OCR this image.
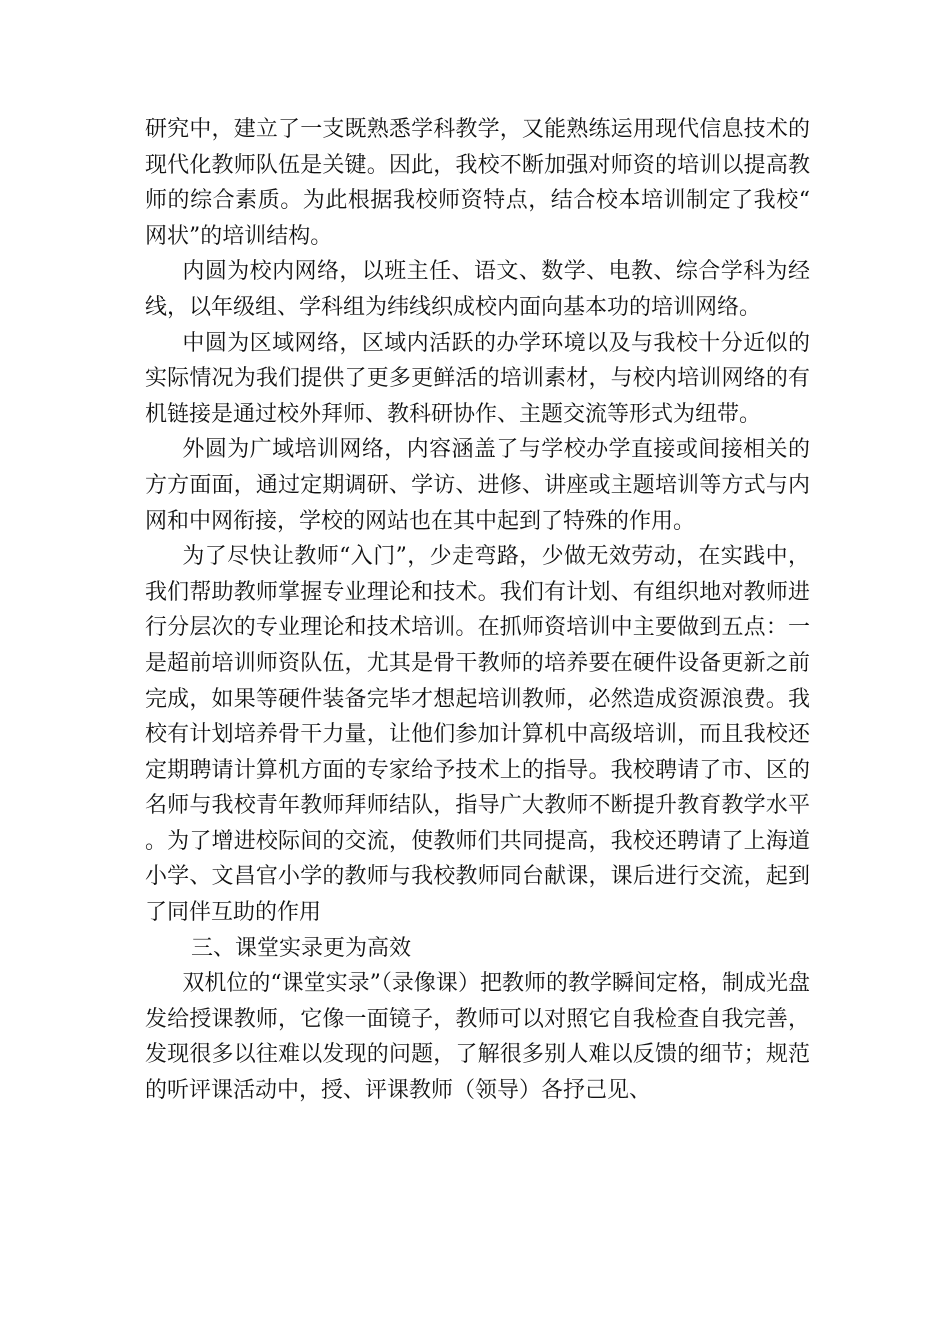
研究中，建立了一支既熟悉学科教学，又能熟练运用现代信息技术的现代化教师队伍是关键。因此，我校不断加强对师资的培训以提高教师的综合素质。为此根据我校师资特点，结合校本培训制定了我校“网状”的培训结构。

内圆为校内网络，以班主任、语文、数学、电教、综合学科为经线，以年级组、学科组为纬线织成校内面向基本功的培训网络。

中圆为区域网络，区域内活跃的办学环境以及与我校十分近似的实际情况为我们提供了更多更鲜活的培训素材，与校内培训网络的有机链接是通过校外拜师、教科研协作、主题交流等形式为纽带。

外圆为广域培训网络，内容涵盖了与学校办学直接或间接相关的方方面面，通过定期调研、学访、进修、讲座或主题培训等方式与内网和中网衔接，学校的网站也在其中起到了特殊的作用。

为了尽快让教师“入门”，少走弯路，少做无效劳动，在实践中，我们帮助教师掌握专业理论和技术。我们有计划、有组织地对教师进行分层次的专业理论和技术培训。在抓师资培训中主要做到五点：一是超前培训师资队伍，尤其是骨干教师的培养要在硬件设备更新之前完成，如果等硬件装备完毕才想起培训教师，必然造成资源浪费。我校有计划培养骨干力量，让他们参加计算机中高级培训，而且我校还定期聘请计算机方面的专家给予技术上的指导。我校聘请了市、区的名师与我校青年教师拜师结队，指导广大教师不断提升教育教学水平。为了增进校际间的交流，使教师们共同提高，我校还聘请了上海道小学、文昌官小学的教师与我校教师同台献课，课后进行交流，起到了同伴互助的作用

三、课堂实录更为高效

双机位的“课堂实录”（录像课）把教师的教学瞬间定格，制成光盘发给授课教师，它像一面镜子，教师可以对照它自我检查自我完善，发现很多以往难以发现的问题，了解很多别人难以反馈的细节；规范的听评课活动中，授、评课教师（领导）各抒己见、
